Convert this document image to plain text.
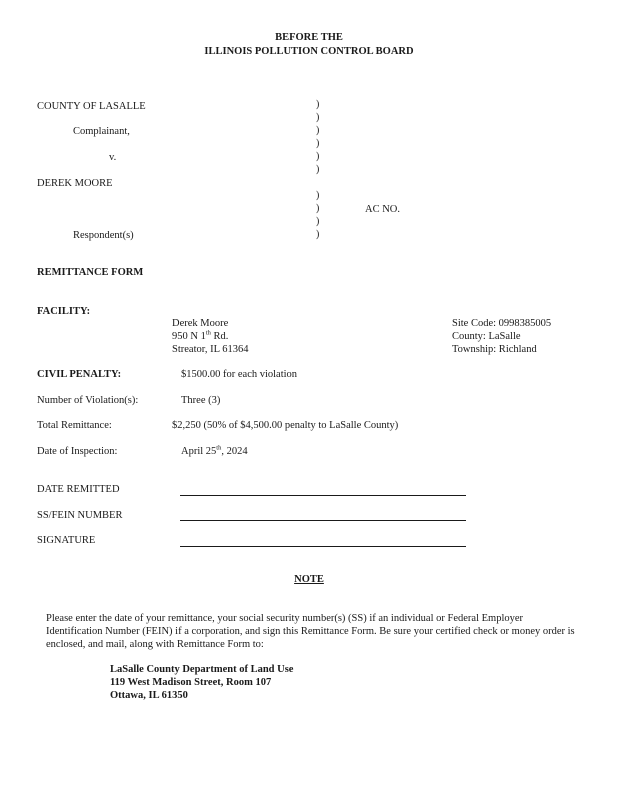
BEFORE THE
ILLINOIS POLLUTION CONTROL BOARD
COUNTY OF LASALLE
Complainant,
v.
DEREK MOORE
Respondent(s)
AC NO.
)
)
)
)
)
)
)
)
)
)
REMITTANCE FORM
FACILITY:
Derek Moore
950 N 1th Rd.
Streator, IL 61364
Site Code: 0998385005
County: LaSalle
Township: Richland
CIVIL PENALTY:	$1500.00 for each violation
Number of Violation(s):	Three (3)
Total Remittance:	$2,250 (50% of $4,500.00 penalty to LaSalle County)
Date of Inspection:	April 25th, 2024
DATE REMITTED
SS/FEIN NUMBER
SIGNATURE
NOTE
Please enter the date of your remittance, your social security number(s) (SS) if an individual or Federal Employer Identification Number (FEIN) if a corporation, and sign this Remittance Form. Be sure your certified check or money order is enclosed, and mail, along with Remittance Form to:
LaSalle County Department of Land Use
119 West Madison Street, Room 107
Ottawa, IL 61350
